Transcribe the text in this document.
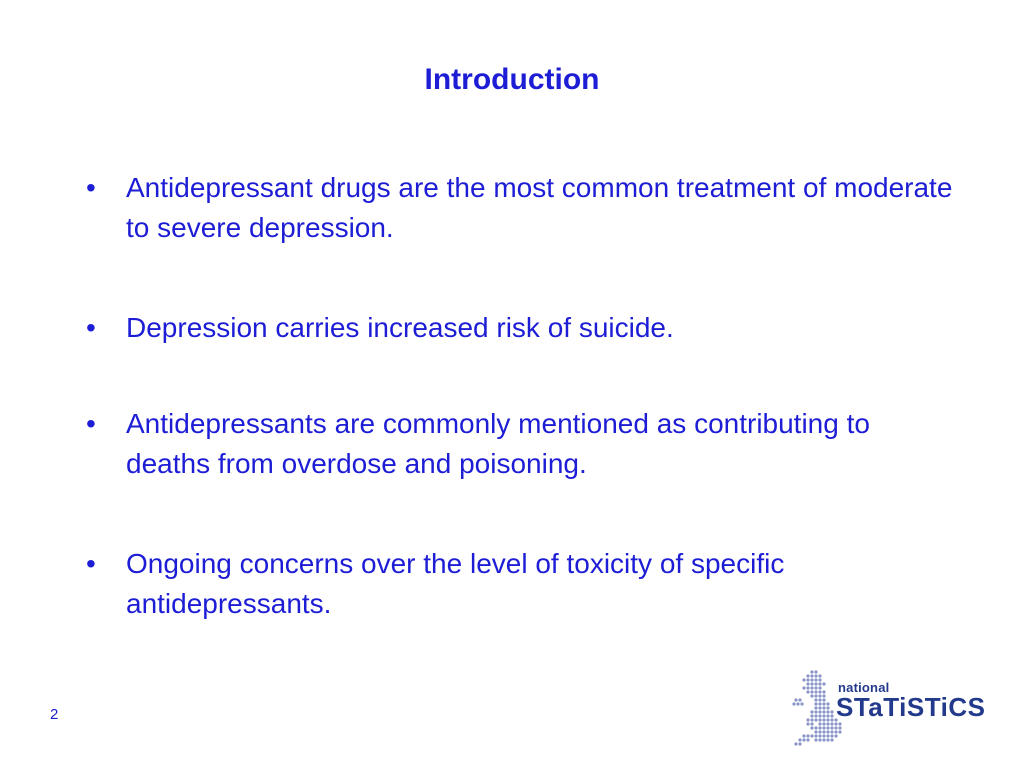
Introduction
•	Antidepressant drugs are the most common treatment of moderate to severe depression.
•	Depression carries increased risk of suicide.
•	Antidepressants are commonly mentioned as contributing to deaths from overdose and poisoning.
•	Ongoing concerns over the level of toxicity of specific antidepressants.
2
national
STaTiSTiCS
